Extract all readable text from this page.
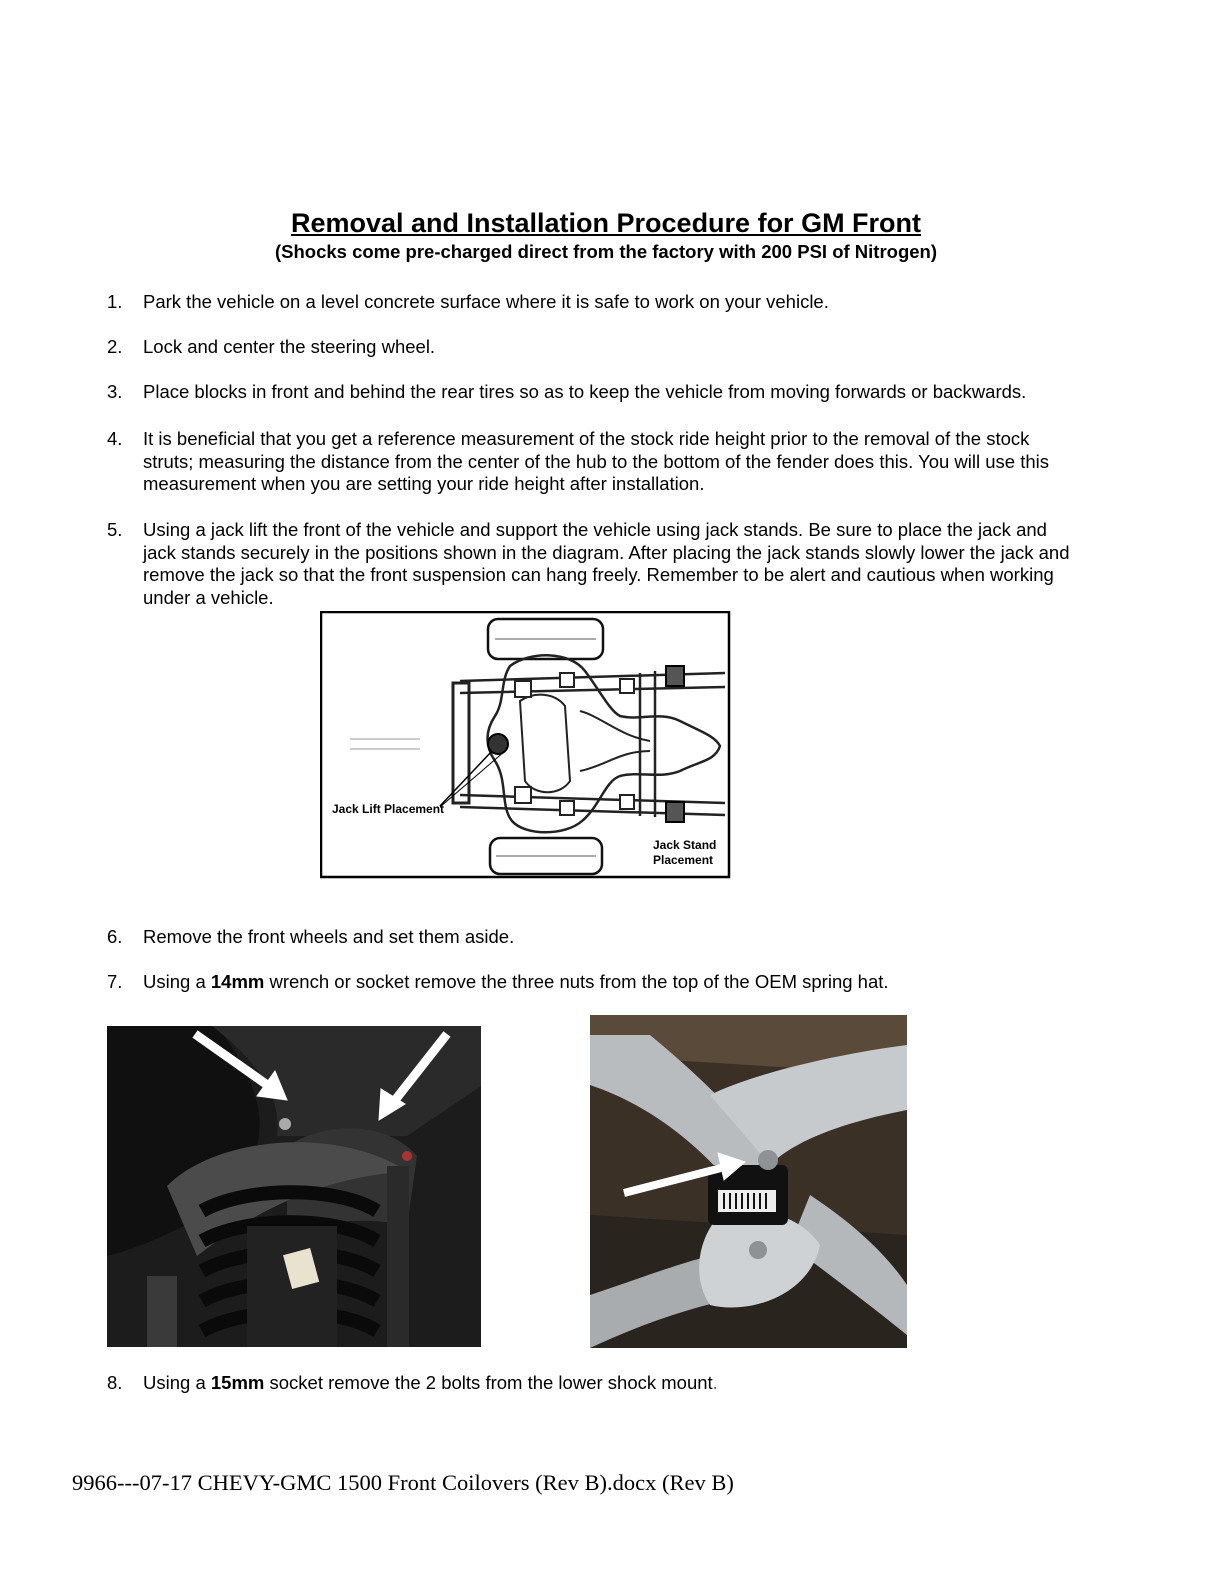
Removal and Installation Procedure for GM Front

(Shocks come pre-charged direct from the factory with 200 PSI of Nitrogen)

1. Park the vehicle on a level concrete surface where it is safe to work on your vehicle.
2. Lock and center the steering wheel.
3. Place blocks in front and behind the rear tires so as to keep the vehicle from moving forwards or backwards.
4. It is beneficial that you get a reference measurement of the stock ride height prior to the removal of the stock
struts; measuring the distance from the center of the hub to the bottom of the fender does this. You will use this
measurement when you are setting your ride height after installation.
5. Using a jack lift the front of the vehicle and support the vehicle using jack stands. Be sure to place the jack and
jack stands securely in the positions shown in the diagram. After placing the jack stands slowly lower the jack and
remove the jack so that the front suspension can hang freely. Remember to be alert and cautious when working
under a vehicle.
Jack Lift Placement
Jack Stand
Placement
6. Remove the front wheels and set them aside.
7. Using a 14mm wrench or socket remove the three nuts from the top of the OEM spring hat.
8. Using a 15mm socket remove the 2 bolts from the lower shock mount.
9966---07-17 CHEVY-GMC 1500 Front Coilovers (Rev B).docx (Rev B)
